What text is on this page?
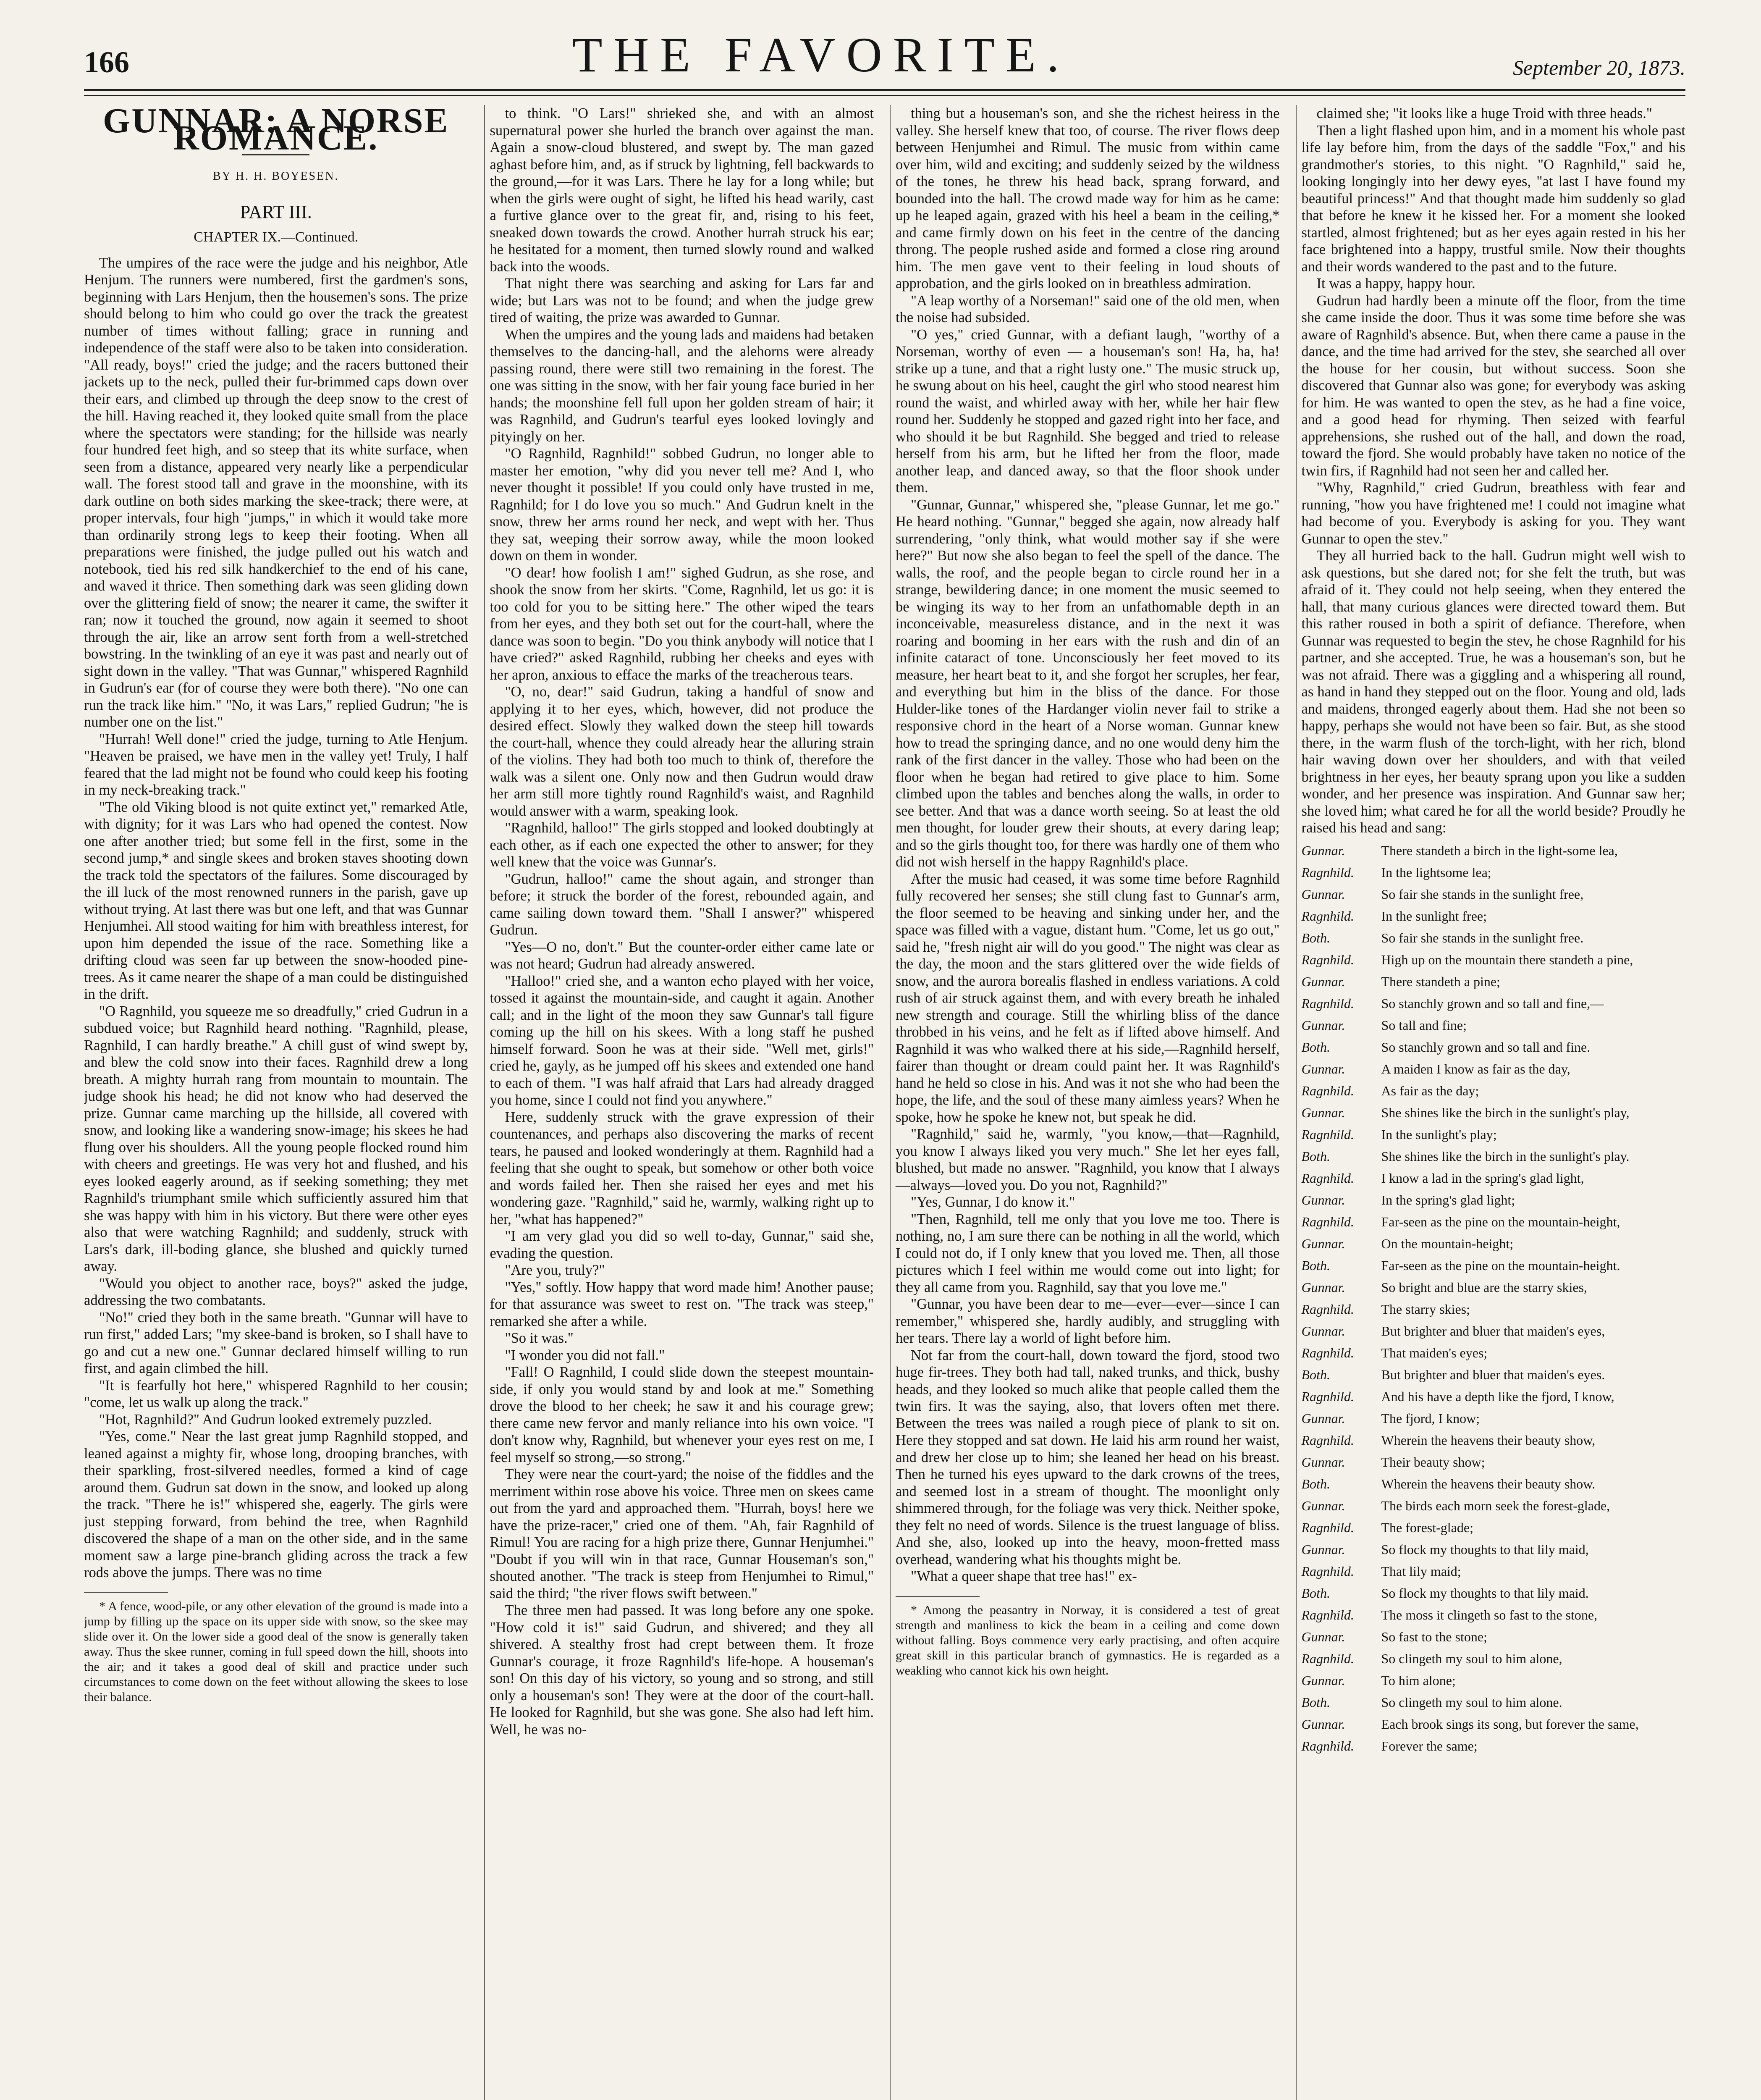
166	THE FAVORITE.	September 20, 1873.
GUNNAR: A NORSE ROMANCE.
BY H. H. BOYESEN.
PART III.
CHAPTER IX.—Continued.

The umpires of the race were the judge and his neighbor, Atle Henjum. The runners were numbered, first the gardmen's sons, beginning with Lars Henjum, then the housemen's sons. The prize should belong to him who could go over the track the greatest number of times without falling; grace in running and independence of the staff were also to be taken into consideration. "All ready, boys!" cried the judge; and the racers buttoned their jackets up to the neck, pulled their fur-brimmed caps down over their ears, and climbed up through the deep snow to the crest of the hill. Having reached it, they looked quite small from the place where the spectators were standing; for the hillside was nearly four hundred feet high, and so steep that its white surface, when seen from a distance, appeared very nearly like a perpendicular wall. The forest stood tall and grave in the moonshine, with its dark outline on both sides marking the skee-track; there were, at proper intervals, four high "jumps," in which it would take more than ordinarily strong legs to keep their footing. When all preparations were finished, the judge pulled out his watch and notebook, tied his red silk handkerchief to the end of his cane, and waved it thrice. Then something dark was seen gliding down over the glittering field of snow; the nearer it came, the swifter it ran; now it touched the ground, now again it seemed to shoot through the air, like an arrow sent forth from a well-stretched bowstring. In the twinkling of an eye it was past and nearly out of sight down in the valley. "That was Gunnar," whispered Ragnhild in Gudrun's ear (for of course they were both there). "No one can run the track like him." "No, it was Lars," replied Gudrun; "he is number one on the list."

"Hurrah! Well done!" cried the judge, turning to Atle Henjum. "Heaven be praised, we have men in the valley yet! Truly, I half feared that the lad might not be found who could keep his footing in my neck-breaking track."

"The old Viking blood is not quite extinct yet," remarked Atle, with dignity; for it was Lars who had opened the contest. Now one after another tried; but some fell in the first, some in the second jump,* and single skees and broken staves shooting down the track told the spectators of the failures. Some discouraged by the ill luck of the most renowned runners in the parish, gave up without trying. At last there was but one left, and that was Gunnar Henjumhei. All stood waiting for him with breathless interest, for upon him depended the issue of the race. Something like a drifting cloud was seen far up between the snow-hooded pine-trees. As it came nearer the shape of a man could be distinguished in the drift.

"O Ragnhild, you squeeze me so dreadfully," cried Gudrun in a subdued voice; but Ragnhild heard nothing. "Ragnhild, please, Ragnhild, I can hardly breathe." A chill gust of wind swept by, and blew the cold snow into their faces. Ragnhild drew a long breath. A mighty hurrah rang from mountain to mountain. The judge shook his head; he did not know who had deserved the prize. Gunnar came marching up the hillside, all covered with snow, and looking like a wandering snow-image; his skees he had flung over his shoulders. All the young people flocked round him with cheers and greetings. He was very hot and flushed, and his eyes looked eagerly around, as if seeking something; they met Ragnhild's triumphant smile which sufficiently assured him that she was happy with him in his victory. But there were other eyes also that were watching Ragnhild; and suddenly, struck with Lars's dark, ill-boding glance, she blushed and quickly turned away.

"Would you object to another race, boys?" asked the judge, addressing the two combatants.

"No!" cried they both in the same breath. "Gunnar will have to run first," added Lars; "my skee-band is broken, so I shall have to go and cut a new one." Gunnar declared himself willing to run first, and again climbed the hill.

"It is fearfully hot here," whispered Ragnhild to her cousin; "come, let us walk up along the track."

"Hot, Ragnhild?" And Gudrun looked extremely puzzled.

"Yes, come." Near the last great jump Ragnhild stopped, and leaned against a mighty fir, whose long, drooping branches, with their sparkling, frost-silvered needles, formed a kind of cage around them. Gudrun sat down in the snow, and looked up along the track. "There he is!" whispered she, eagerly. The girls were just stepping forward, from behind the tree, when Ragnhild discovered the shape of a man on the other side, and in the same moment saw a large pine-branch gliding across the track a few rods above the jumps. There was no time

* A fence, wood-pile, or any other elevation of the ground is made into a jump by filling up the space on its upper side with snow, so the skee may slide over it. On the lower side a good deal of the snow is generally taken away. Thus the skee runner, coming in full speed down the hill, shoots into the air; and it takes a good deal of skill and practice under such circumstances to come down on the feet without allowing the skees to lose their balance.

to think. "O Lars!" shrieked she, and with an almost supernatural power she hurled the branch over against the man. Again a snow-cloud blustered, and swept by. The man gazed aghast before him, and, as if struck by lightning, fell backwards to the ground,—for it was Lars. There he lay for a long while; but when the girls were ought of sight, he lifted his head warily, cast a furtive glance over to the great fir, and, rising to his feet, sneaked down towards the crowd. Another hurrah struck his ear; he hesitated for a moment, then turned slowly round and walked back into the woods.

That night there was searching and asking for Lars far and wide; but Lars was not to be found; and when the judge grew tired of waiting, the prize was awarded to Gunnar.

When the umpires and the young lads and maidens had betaken themselves to the dancing-hall, and the alehorns were already passing round, there were still two remaining in the forest. The one was sitting in the snow, with her fair young face buried in her hands; the moonshine fell full upon her golden stream of hair; it was Ragnhild, and Gudrun's tearful eyes looked lovingly and pityingly on her.

"O Ragnhild, Ragnhild!" sobbed Gudrun, no longer able to master her emotion, "why did you never tell me? And I, who never thought it possible! If you could only have trusted in me, Ragnhild; for I do love you so much." And Gudrun knelt in the snow, threw her arms round her neck, and wept with her. Thus they sat, weeping their sorrow away, while the moon looked down on them in wonder.

"O dear! how foolish I am!" sighed Gudrun, as she rose, and shook the snow from her skirts. "Come, Ragnhild, let us go: it is too cold for you to be sitting here." The other wiped the tears from her eyes, and they both set out for the court-hall, where the dance was soon to begin. "Do you think anybody will notice that I have cried?" asked Ragnhild, rubbing her cheeks and eyes with her apron, anxious to efface the marks of the treacherous tears.

"O, no, dear!" said Gudrun, taking a handful of snow and applying it to her eyes, which, however, did not produce the desired effect. Slowly they walked down the steep hill towards the court-hall, whence they could already hear the alluring strain of the violins. They had both too much to think of, therefore the walk was a silent one. Only now and then Gudrun would draw her arm still more tightly round Ragnhild's waist, and Ragnhild would answer with a warm, speaking look.

"Ragnhild, halloo!" The girls stopped and looked doubtingly at each other, as if each one expected the other to answer; for they well knew that the voice was Gunnar's.

"Gudrun, halloo!" came the shout again, and stronger than before; it struck the border of the forest, rebounded again, and came sailing down toward them. "Shall I answer?" whispered Gudrun.

"Yes—O no, don't." But the counter-order either came late or was not heard; Gudrun had already answered.

"Halloo!" cried she, and a wanton echo played with her voice, tossed it against the mountain-side, and caught it again. Another call; and in the light of the moon they saw Gunnar's tall figure coming up the hill on his skees. With a long staff he pushed himself forward. Soon he was at their side. "Well met, girls!" cried he, gayly, as he jumped off his skees and extended one hand to each of them. "I was half afraid that Lars had already dragged you home, since I could not find you anywhere."

Here, suddenly struck with the grave expression of their countenances, and perhaps also discovering the marks of recent tears, he paused and looked wonderingly at them. Ragnhild had a feeling that she ought to speak, but somehow or other both voice and words failed her. Then she raised her eyes and met his wondering gaze. "Ragnhild," said he, warmly, walking right up to her, "what has happened?"

"I am very glad you did so well to-day, Gunnar," said she, evading the question.

"Are you, truly?"

"Yes," softly. How happy that word made him! Another pause; for that assurance was sweet to rest on. "The track was steep," remarked she after a while.

"So it was."

"I wonder you did not fall."

"Fall! O Ragnhild, I could slide down the steepest mountain-side, if only you would stand by and look at me." Something drove the blood to her cheek; he saw it and his courage grew; there came new fervor and manly reliance into his own voice. "I don't know why, Ragnhild, but whenever your eyes rest on me, I feel myself so strong,—so strong."

They were near the court-yard; the noise of the fiddles and the merriment within rose above his voice. Three men on skees came out from the yard and approached them. "Hurrah, boys! here we have the prize-racer," cried one of them. "Ah, fair Ragnhild of Rimul! You are racing for a high prize there, Gunnar Henjumhei." "Doubt if you will win in that race, Gunnar Houseman's son," shouted another. "The track is steep from Henjumhei to Rimul," said the third; "the river flows swift between."

The three men had passed. It was long before any one spoke. "How cold it is!" said Gudrun, and shivered; and they all shivered. A stealthy frost had crept between them. It froze Gunnar's courage, it froze Ragnhild's life-hope. A houseman's son! On this day of his victory, so young and so strong, and still only a houseman's son! They were at the door of the court-hall. He looked for Ragnhild, but she was gone. She also had left him. Well, he was no-

thing but a houseman's son, and she the richest heiress in the valley. She herself knew that too, of course. The river flows deep between Henjumhei and Rimul. The music from within came over him, wild and exciting; and suddenly seized by the wildness of the tones, he threw his head back, sprang forward, and bounded into the hall. The crowd made way for him as he came: up he leaped again, grazed with his heel a beam in the ceiling,* and came firmly down on his feet in the centre of the dancing throng. The people rushed aside and formed a close ring around him. The men gave vent to their feeling in loud shouts of approbation, and the girls looked on in breathless admiration.

"A leap worthy of a Norseman!" said one of the old men, when the noise had subsided.

"O yes," cried Gunnar, with a defiant laugh, "worthy of a Norseman, worthy of even — a houseman's son! Ha, ha, ha! strike up a tune, and that a right lusty one." The music struck up, he swung about on his heel, caught the girl who stood nearest him round the waist, and whirled away with her, while her hair flew round her. Suddenly he stopped and gazed right into her face, and who should it be but Ragnhild. She begged and tried to release herself from his arm, but he lifted her from the floor, made another leap, and danced away, so that the floor shook under them.

"Gunnar, Gunnar," whispered she, "please Gunnar, let me go." He heard nothing. "Gunnar," begged she again, now already half surrendering, "only think, what would mother say if she were here?" But now she also began to feel the spell of the dance. The walls, the roof, and the people began to circle round her in a strange, bewildering dance; in one moment the music seemed to be winging its way to her from an unfathomable depth in an inconceivable, measureless distance, and in the next it was roaring and booming in her ears with the rush and din of an infinite cataract of tone. Unconsciously her feet moved to its measure, her heart beat to it, and she forgot her scruples, her fear, and everything but him in the bliss of the dance. For those Hulder-like tones of the Hardanger violin never fail to strike a responsive chord in the heart of a Norse woman. Gunnar knew how to tread the springing dance, and no one would deny him the rank of the first dancer in the valley. Those who had been on the floor when he began had retired to give place to him. Some climbed upon the tables and benches along the walls, in order to see better. And that was a dance worth seeing. So at least the old men thought, for louder grew their shouts, at every daring leap; and so the girls thought too, for there was hardly one of them who did not wish herself in the happy Ragnhild's place.

After the music had ceased, it was some time before Ragnhild fully recovered her senses; she still clung fast to Gunnar's arm, the floor seemed to be heaving and sinking under her, and the space was filled with a vague, distant hum. "Come, let us go out," said he, "fresh night air will do you good." The night was clear as the day, the moon and the stars glittered over the wide fields of snow, and the aurora borealis flashed in endless variations. A cold rush of air struck against them, and with every breath he inhaled new strength and courage. Still the whirling bliss of the dance throbbed in his veins, and he felt as if lifted above himself. And Ragnhild it was who walked there at his side,—Ragnhild herself, fairer than thought or dream could paint her. It was Ragnhild's hand he held so close in his. And was it not she who had been the hope, the life, and the soul of these many aimless years? When he spoke, how he spoke he knew not, but speak he did.

"Ragnhild," said he, warmly, "you know,—that—Ragnhild, you know I always liked you very much." She let her eyes fall, blushed, but made no answer. "Ragnhild, you know that I always—always—loved you. Do you not, Ragnhild?"

"Yes, Gunnar, I do know it."

"Then, Ragnhild, tell me only that you love me too. There is nothing, no, I am sure there can be nothing in all the world, which I could not do, if I only knew that you loved me. Then, all those pictures which I feel within me would come out into light; for they all came from you. Ragnhild, say that you love me."

"Gunnar, you have been dear to me—ever—ever—since I can remember," whispered she, hardly audibly, and struggling with her tears. There lay a world of light before him.

Not far from the court-hall, down toward the fjord, stood two huge fir-trees. They both had tall, naked trunks, and thick, bushy heads, and they looked so much alike that people called them the twin firs. It was the saying, also, that lovers often met there. Between the trees was nailed a rough piece of plank to sit on. Here they stopped and sat down. He laid his arm round her waist, and drew her close up to him; she leaned her head on his breast. Then he turned his eyes upward to the dark crowns of the trees, and seemed lost in a stream of thought. The moonlight only shimmered through, for the foliage was very thick. Neither spoke, they felt no need of words. Silence is the truest language of bliss. And she, also, looked up into the heavy, moon-fretted mass overhead, wandering what his thoughts might be.

"What a queer shape that tree has!" ex-

* Among the peasantry in Norway, it is considered a test of great strength and manliness to kick the beam in a ceiling and come down without falling. Boys commence very early practising, and often acquire great skill in this particular branch of gymnastics. He is regarded as a weakling who cannot kick his own height.

claimed she; "it looks like a huge Troid with three heads."

Then a light flashed upon him, and in a moment his whole past life lay before him, from the days of the saddle "Fox," and his grandmother's stories, to this night. "O Ragnhild," said he, looking longingly into her dewy eyes, "at last I have found my beautiful princess!" And that thought made him suddenly so glad that before he knew it he kissed her. For a moment she looked startled, almost frightened; but as her eyes again rested in his her face brightened into a happy, trustful smile. Now their thoughts and their words wandered to the past and to the future.

It was a happy, happy hour.

Gudrun had hardly been a minute off the floor, from the time she came inside the door. Thus it was some time before she was aware of Ragnhild's absence. But, when there came a pause in the dance, and the time had arrived for the stev, she searched all over the house for her cousin, but without success. Soon she discovered that Gunnar also was gone; for everybody was asking for him. He was wanted to open the stev, as he had a fine voice, and a good head for rhyming. Then seized with fearful apprehensions, she rushed out of the hall, and down the road, toward the fjord. She would probably have taken no notice of the twin firs, if Ragnhild had not seen her and called her.

"Why, Ragnhild," cried Gudrun, breathless with fear and running, "how you have frightened me! I could not imagine what had become of you. Everybody is asking for you. They want Gunnar to open the stev."

They all hurried back to the hall. Gudrun might well wish to ask questions, but she dared not; for she felt the truth, but was afraid of it. They could not help seeing, when they entered the hall, that many curious glances were directed toward them. But this rather roused in both a spirit of defiance. Therefore, when Gunnar was requested to begin the stev, he chose Ragnhild for his partner, and she accepted. True, he was a houseman's son, but he was not afraid. There was a giggling and a whispering all round, as hand in hand they stepped out on the floor. Young and old, lads and maidens, thronged eagerly about them. Had she not been so happy, perhaps she would not have been so fair. But, as she stood there, in the warm flush of the torch-light, with her rich, blond hair waving down over her shoulders, and with that veiled brightness in her eyes, her beauty sprang upon you like a sudden wonder, and her presence was inspiration. And Gunnar saw her; she loved him; what cared he for all the world beside? Proudly he raised his head and sang:

Gunnar.	There standeth a birch in the light-some lea,
Ragnhild.	In the lightsome lea;
Gunnar.	So fair she stands in the sunlight free,
Ragnhild.	In the sunlight free;
Both.	So fair she stands in the sunlight free.
Ragnhild.	High up on the mountain there standeth a pine,
Gunnar.	There standeth a pine;
Ragnhild.	So stanchly grown and so tall and fine,—
Gunnar.	So tall and fine;
Both.	So stanchly grown and so tall and fine.
Gunnar.	A maiden I know as fair as the day,
Ragnhild.	As fair as the day;
Gunnar.	She shines like the birch in the sunlight's play,
Ragnhild.	In the sunlight's play;
Both.	She shines like the birch in the sunlight's play.
Ragnhild.	I know a lad in the spring's glad light,
Gunnar.	In the spring's glad light;
Ragnhild.	Far-seen as the pine on the mountain-height,
Gunnar.	On the mountain-height;
Both.	Far-seen as the pine on the mountain-height.
Gunnar.	So bright and blue are the starry skies,
Ragnhild.	The starry skies;
Gunnar.	But brighter and bluer that maiden's eyes,
Ragnhild.	That maiden's eyes;
Both.	But brighter and bluer that maiden's eyes.
Ragnhild.	And his have a depth like the fjord, I know,
Gunnar.	The fjord, I know;
Ragnhild.	Wherein the heavens their beauty show,
Gunnar.	Their beauty show;
Both.	Wherein the heavens their beauty show.
Gunnar.	The birds each morn seek the forest-glade,
Ragnhild.	The forest-glade;
Gunnar.	So flock my thoughts to that lily maid,
Ragnhild.	That lily maid;
Both.	So flock my thoughts to that lily maid.
Ragnhild.	The moss it clingeth so fast to the stone,
Gunnar.	So fast to the stone;
Ragnhild.	So clingeth my soul to him alone,
Gunnar.	To him alone;
Both.	So clingeth my soul to him alone.
Gunnar.	Each brook sings its song, but forever the same,
Ragnhild.	Forever the same;
